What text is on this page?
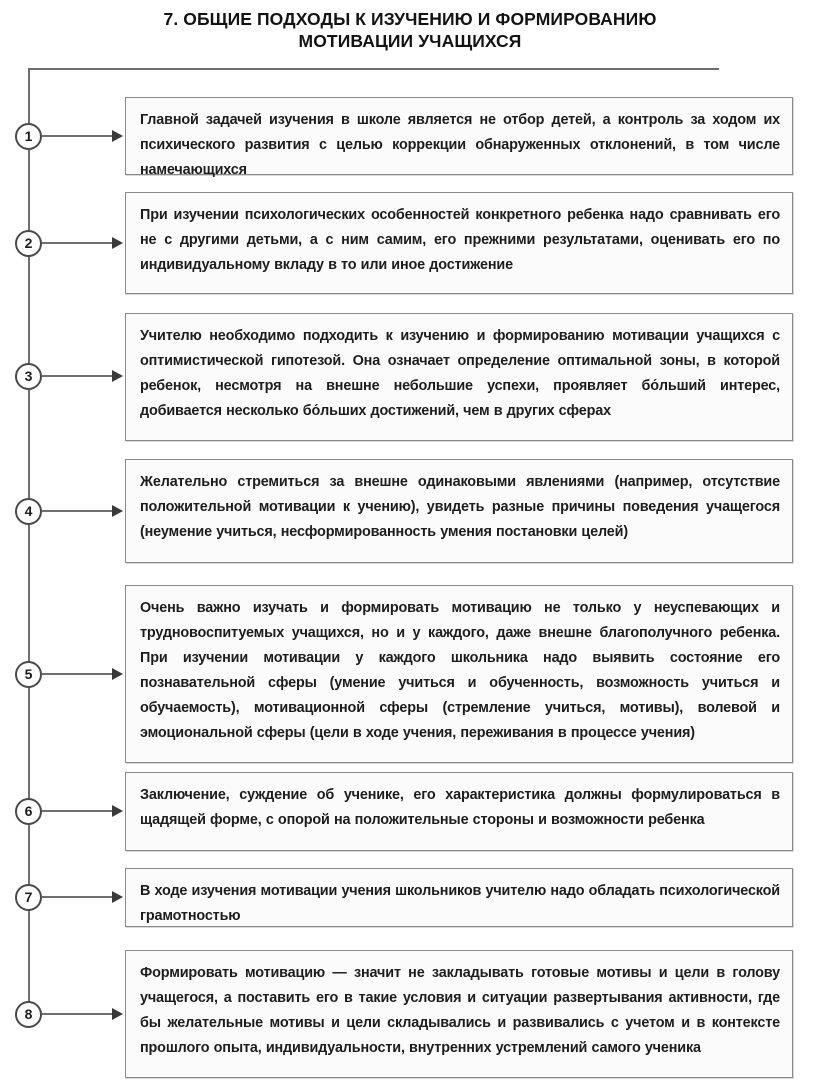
7. ОБЩИЕ ПОДХОДЫ К ИЗУЧЕНИЮ И ФОРМИРОВАНИЮ
МОТИВАЦИИ УЧАЩИХСЯ
1

Главной задачей изучения в школе является не отбор детей, а контроль за ходом их психического развития с целью коррекции обнаруженных отклонений, в том числе намечающихся

2

При изучении психологических особенностей конкретного ребенка надо сравнивать его не с другими детьми, а с ним самим, его прежними результатами, оценивать его по индивидуальному вкладу в то или иное достижение

3

Учителю необходимо подходить к изучению и формированию мотивации учащихся с оптимистической гипотезой. Она означает определение оптимальной зоны, в которой ребенок, несмотря на внешне небольшие успехи, проявляет бо́льший интерес, добивается несколько бо́льших достижений, чем в других сферах

4

Желательно стремиться за внешне одинаковыми явлениями (например, отсутствие положительной мотивации к учению), увидеть разные причины поведения учащегося (неумение учиться, несформированность умения постановки целей)

5

Очень важно изучать и формировать мотивацию не только у неуспевающих и трудновоспитуемых учащихся, но и у каждого, даже внешне благополучного ребенка. При изучении мотивации у каждого школьника надо выявить состояние его познавательной сферы (умение учиться и обученность, возможность учиться и обучаемость), мотивационной сферы (стремление учиться, мотивы), волевой и эмоциональной сферы (цели в ходе учения, переживания в процессе учения)

6

Заключение, суждение об ученике, его характеристика должны формулироваться в щадящей форме, с опорой на положительные стороны и возможности ребенка

7	В ходе изучения мотивации учения школьников учителю надо обладать психологической грамотностью

8

Формировать мотивацию — значит не закладывать готовые мотивы и цели в голову учащегося, а поставить его в такие условия и ситуации развертывания активности, где бы желательные мотивы и цели складывались и развивались с учетом и в контексте прошлого опыта, индивидуальности, внутренних устремлений самого ученика
